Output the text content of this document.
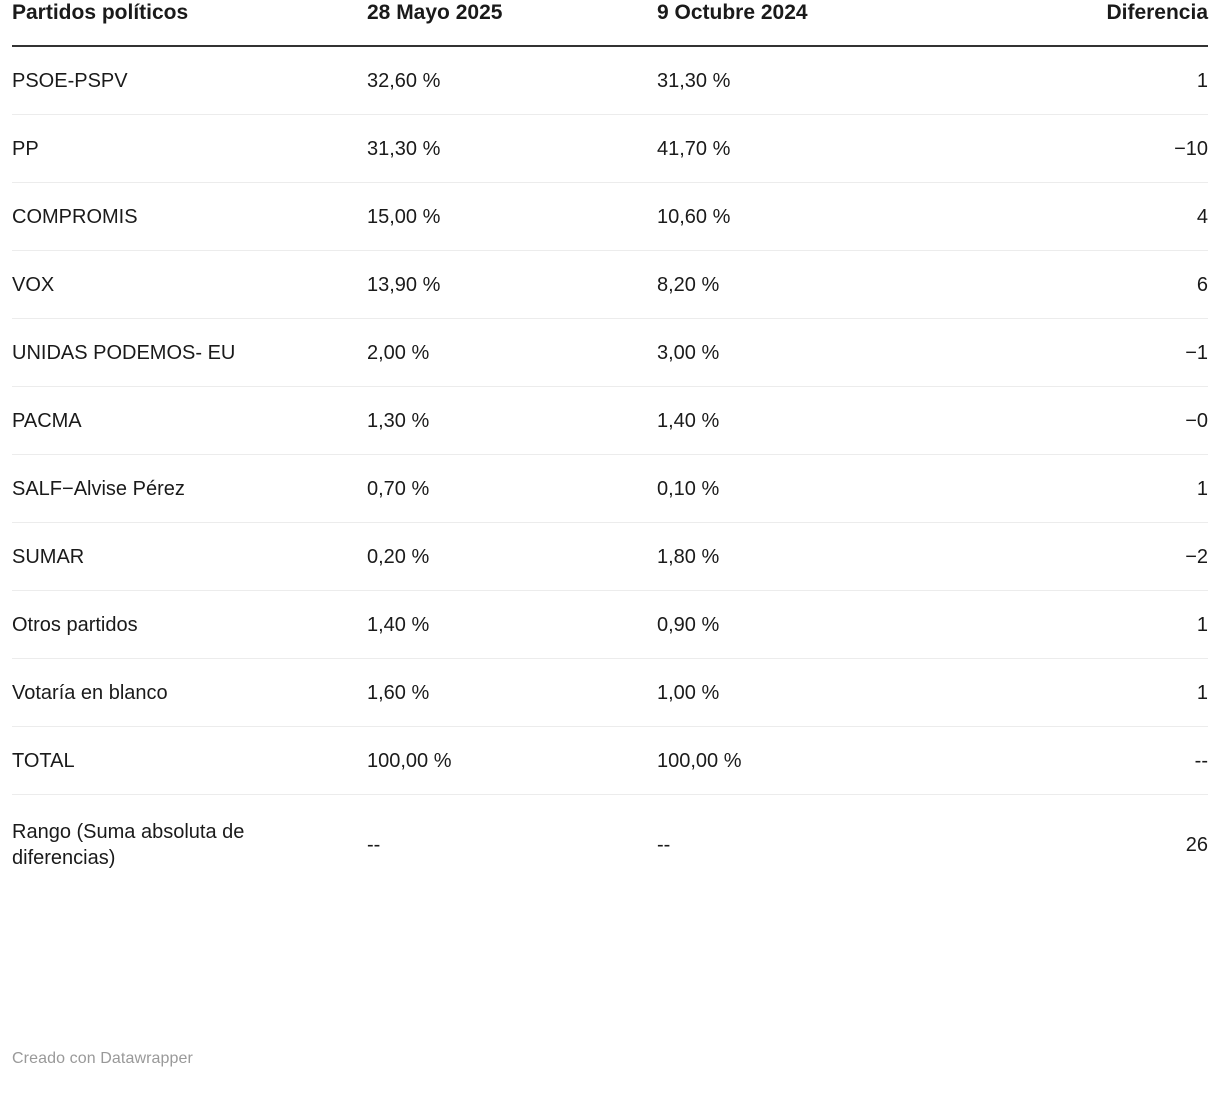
Partidos políticos	28 Mayo 2025	9 Octubre 2024	Diferencia
PSOE-PSPV	32,60 %	31,30 %	1
PP	31,30 %	41,70 %	−10
COMPROMIS	15,00 %	10,60 %	4
VOX	13,90 %	8,20 %	6
UNIDAS PODEMOS- EU	2,00 %	3,00 %	−1
PACMA	1,30 %	1,40 %	−0
SALF−Alvise Pérez	0,70 %	0,10 %	1
SUMAR	0,20 %	1,80 %	−2
Otros partidos	1,40 %	0,90 %	1
Votaría en blanco	1,60 %	1,00 %	1
TOTAL	100,00 %	100,00 %	--
Rango (Suma absoluta de diferencias)	--	--	26
Creado con Datawrapper
